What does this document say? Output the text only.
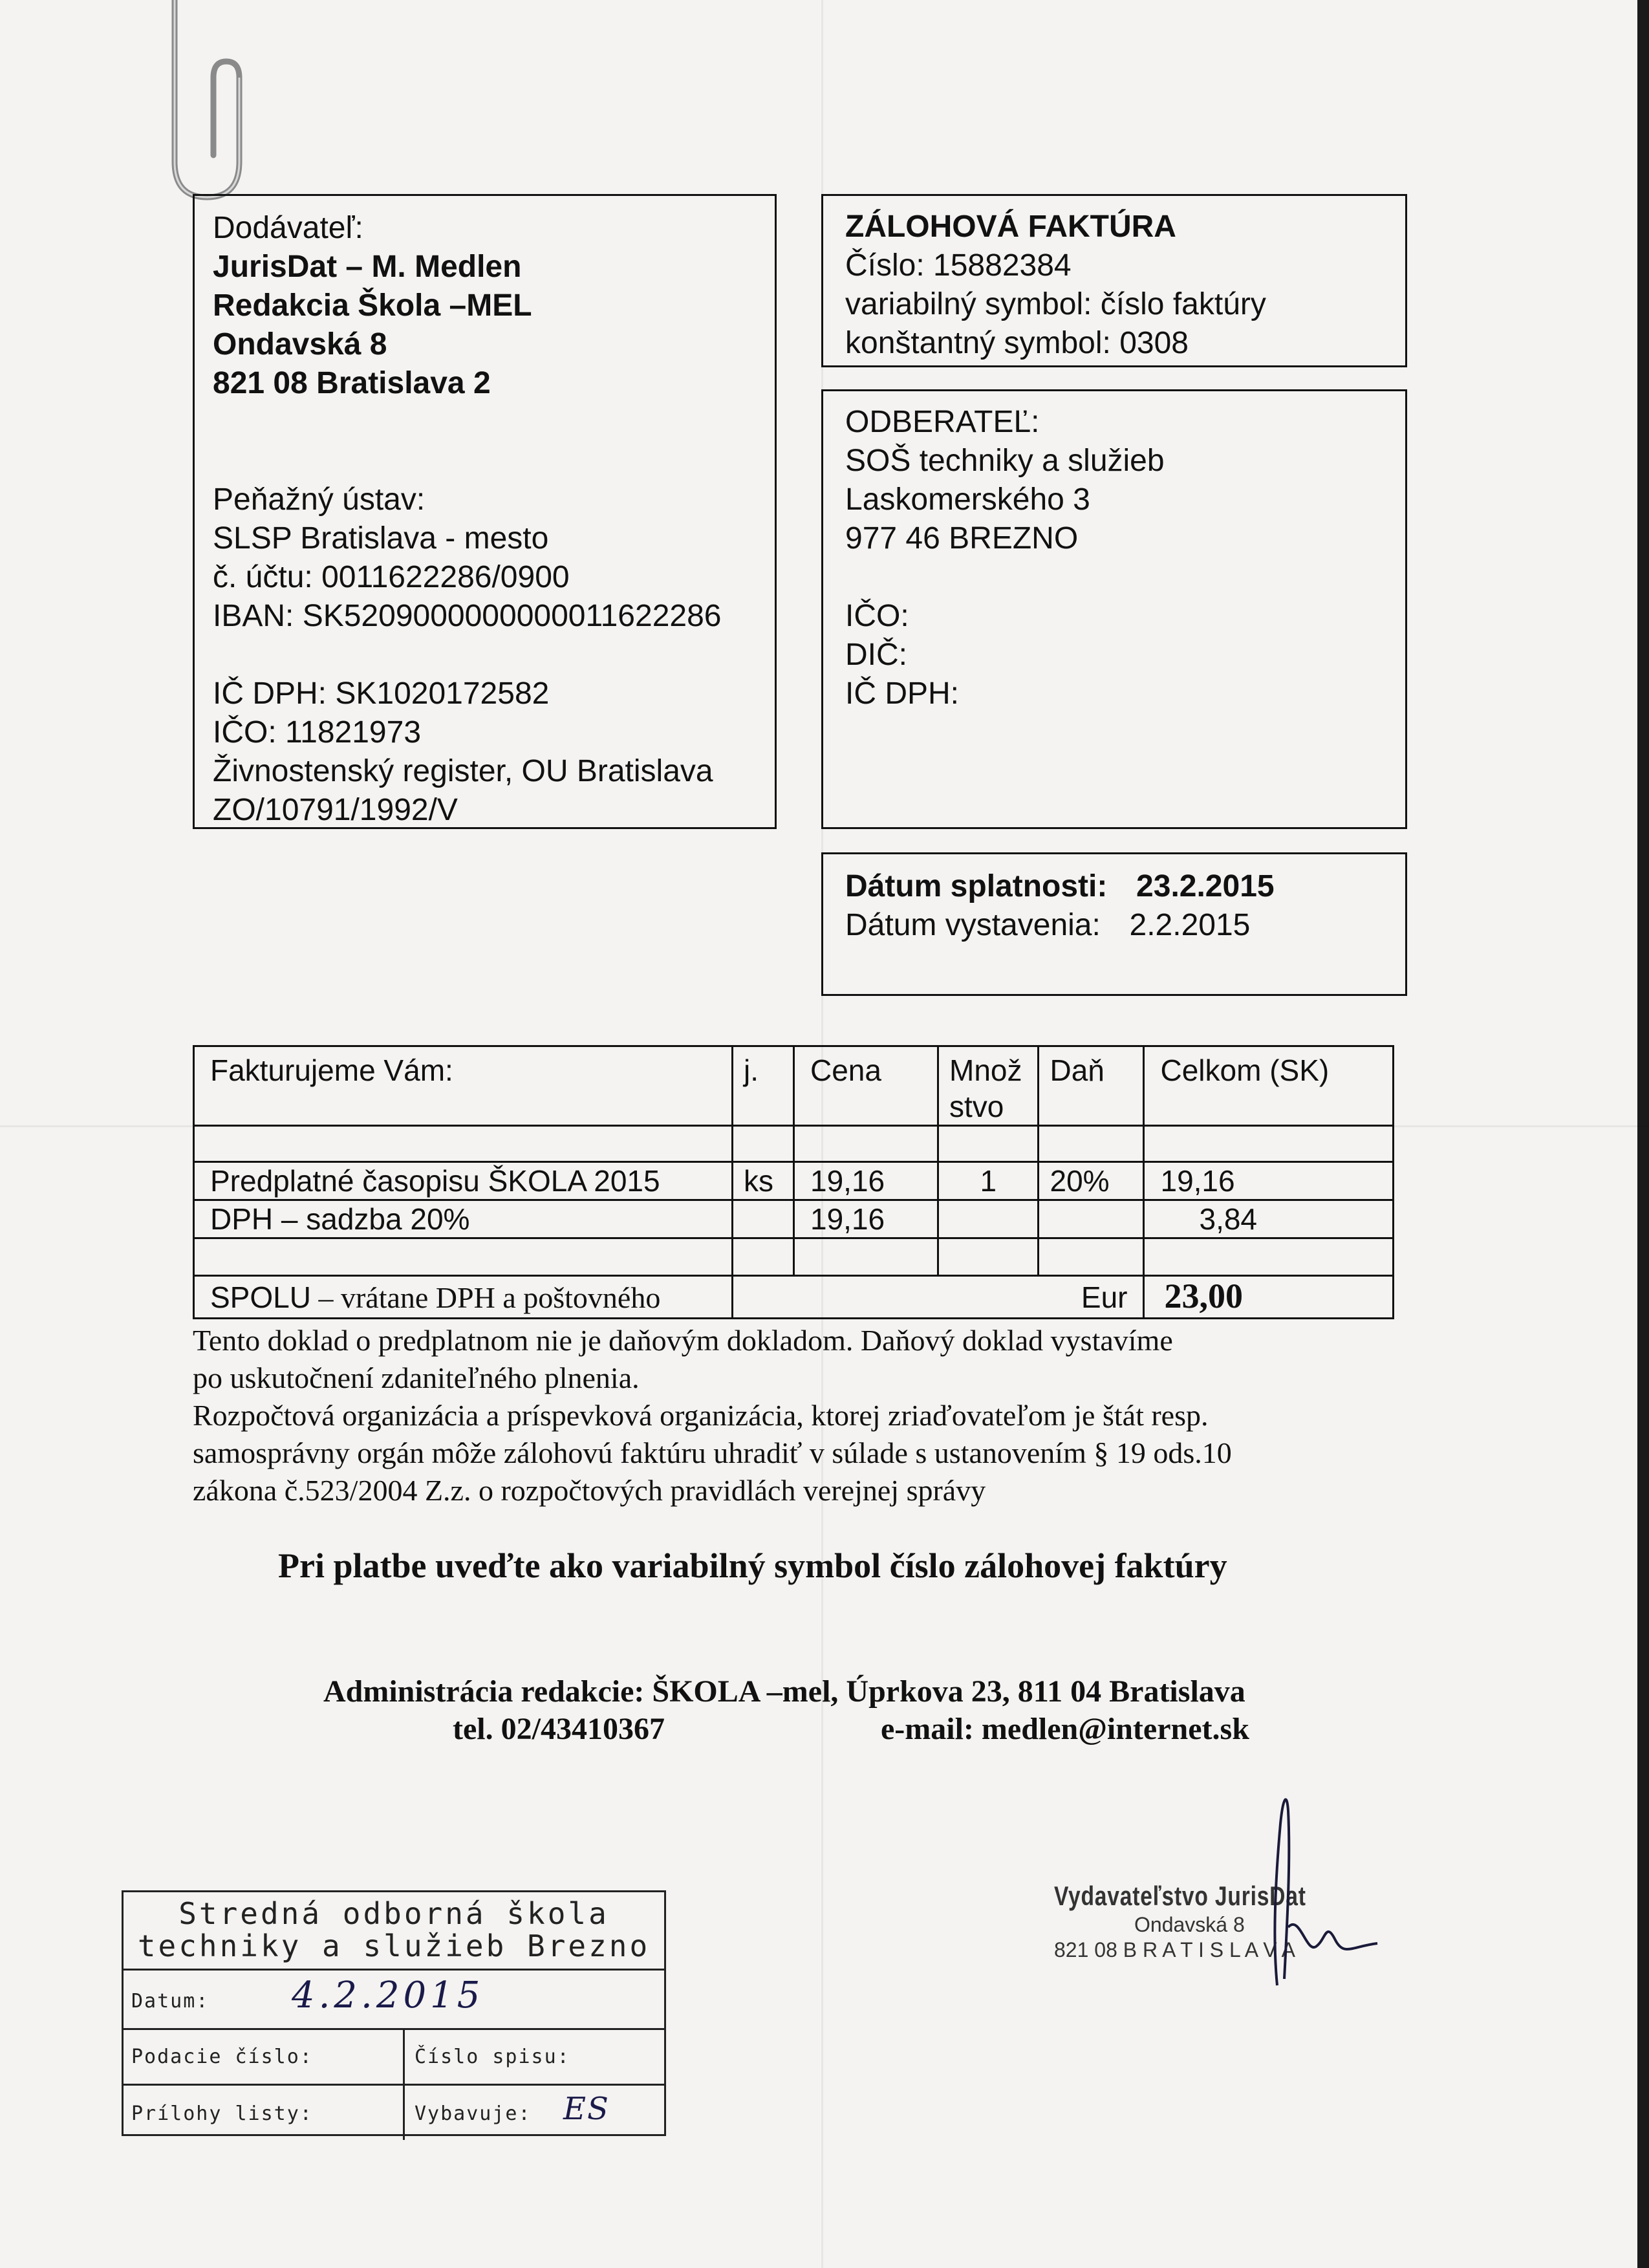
Dodávateľ:
JurisDat – M. Medlen
Redakcia Škola –MEL
Ondavská 8
821 08 Bratislava 2
Peňažný ústav:
SLSP Bratislava - mesto
č. účtu: 0011622286/0900
IBAN: SK5209000000000011622286
IČ DPH: SK1020172582
IČO: 11821973
Živnostenský register, OU Bratislava
ZO/10791/1992/V
ZÁLOHOVÁ FAKTÚRA
Číslo: 15882384
variabilný symbol: číslo faktúry
konštantný symbol: 0308
ODBERATEĽ:
SOŠ techniky a služieb
Laskomerského 3
977 46 BREZNO
IČO:
DIČ:
IČ DPH:
Dátum splatnosti: 23.2.2015
Dátum vystavenia: 2.2.2015
Fakturujeme Vám:	j.	Cena	Množ
stvo	Daň	Celkom (SK)

Predplatné časopisu ŠKOLA 2015	ks	19,16	1	20%	19,16
DPH – sadzba 20%		19,16			3,84

SPOLU – vrátane DPH a poštovného	Eur				23,00
Tento doklad o predplatnom nie je daňovým dokladom. Daňový doklad vystavíme
po uskutočnení zdaniteľného plnenia.
Rozpočtová organizácia a príspevková organizácia, ktorej zriaďovateľom je štát resp.
samosprávny orgán môže zálohovú faktúru uhradiť v súlade s ustanovením § 19 ods.10
zákona č.523/2004 Z.z. o rozpočtových pravidlách verejnej správy
Pri platbe uveďte ako variabilný symbol číslo zálohovej faktúry
Administrácia redakcie: ŠKOLA –mel, Úprkova 23, 811 04 Bratislava
tel. 02/43410367	e-mail: medlen@internet.sk
Stredná odborná škola
techniky a služieb Brezno
Datum: 4.2.2015
Podacie číslo:	Číslo spisu:
Prílohy listy:	Vybavuje: ES
Vydavateľstvo JurisDat
Ondavská 8
821 08 B R A T I S L A V A
